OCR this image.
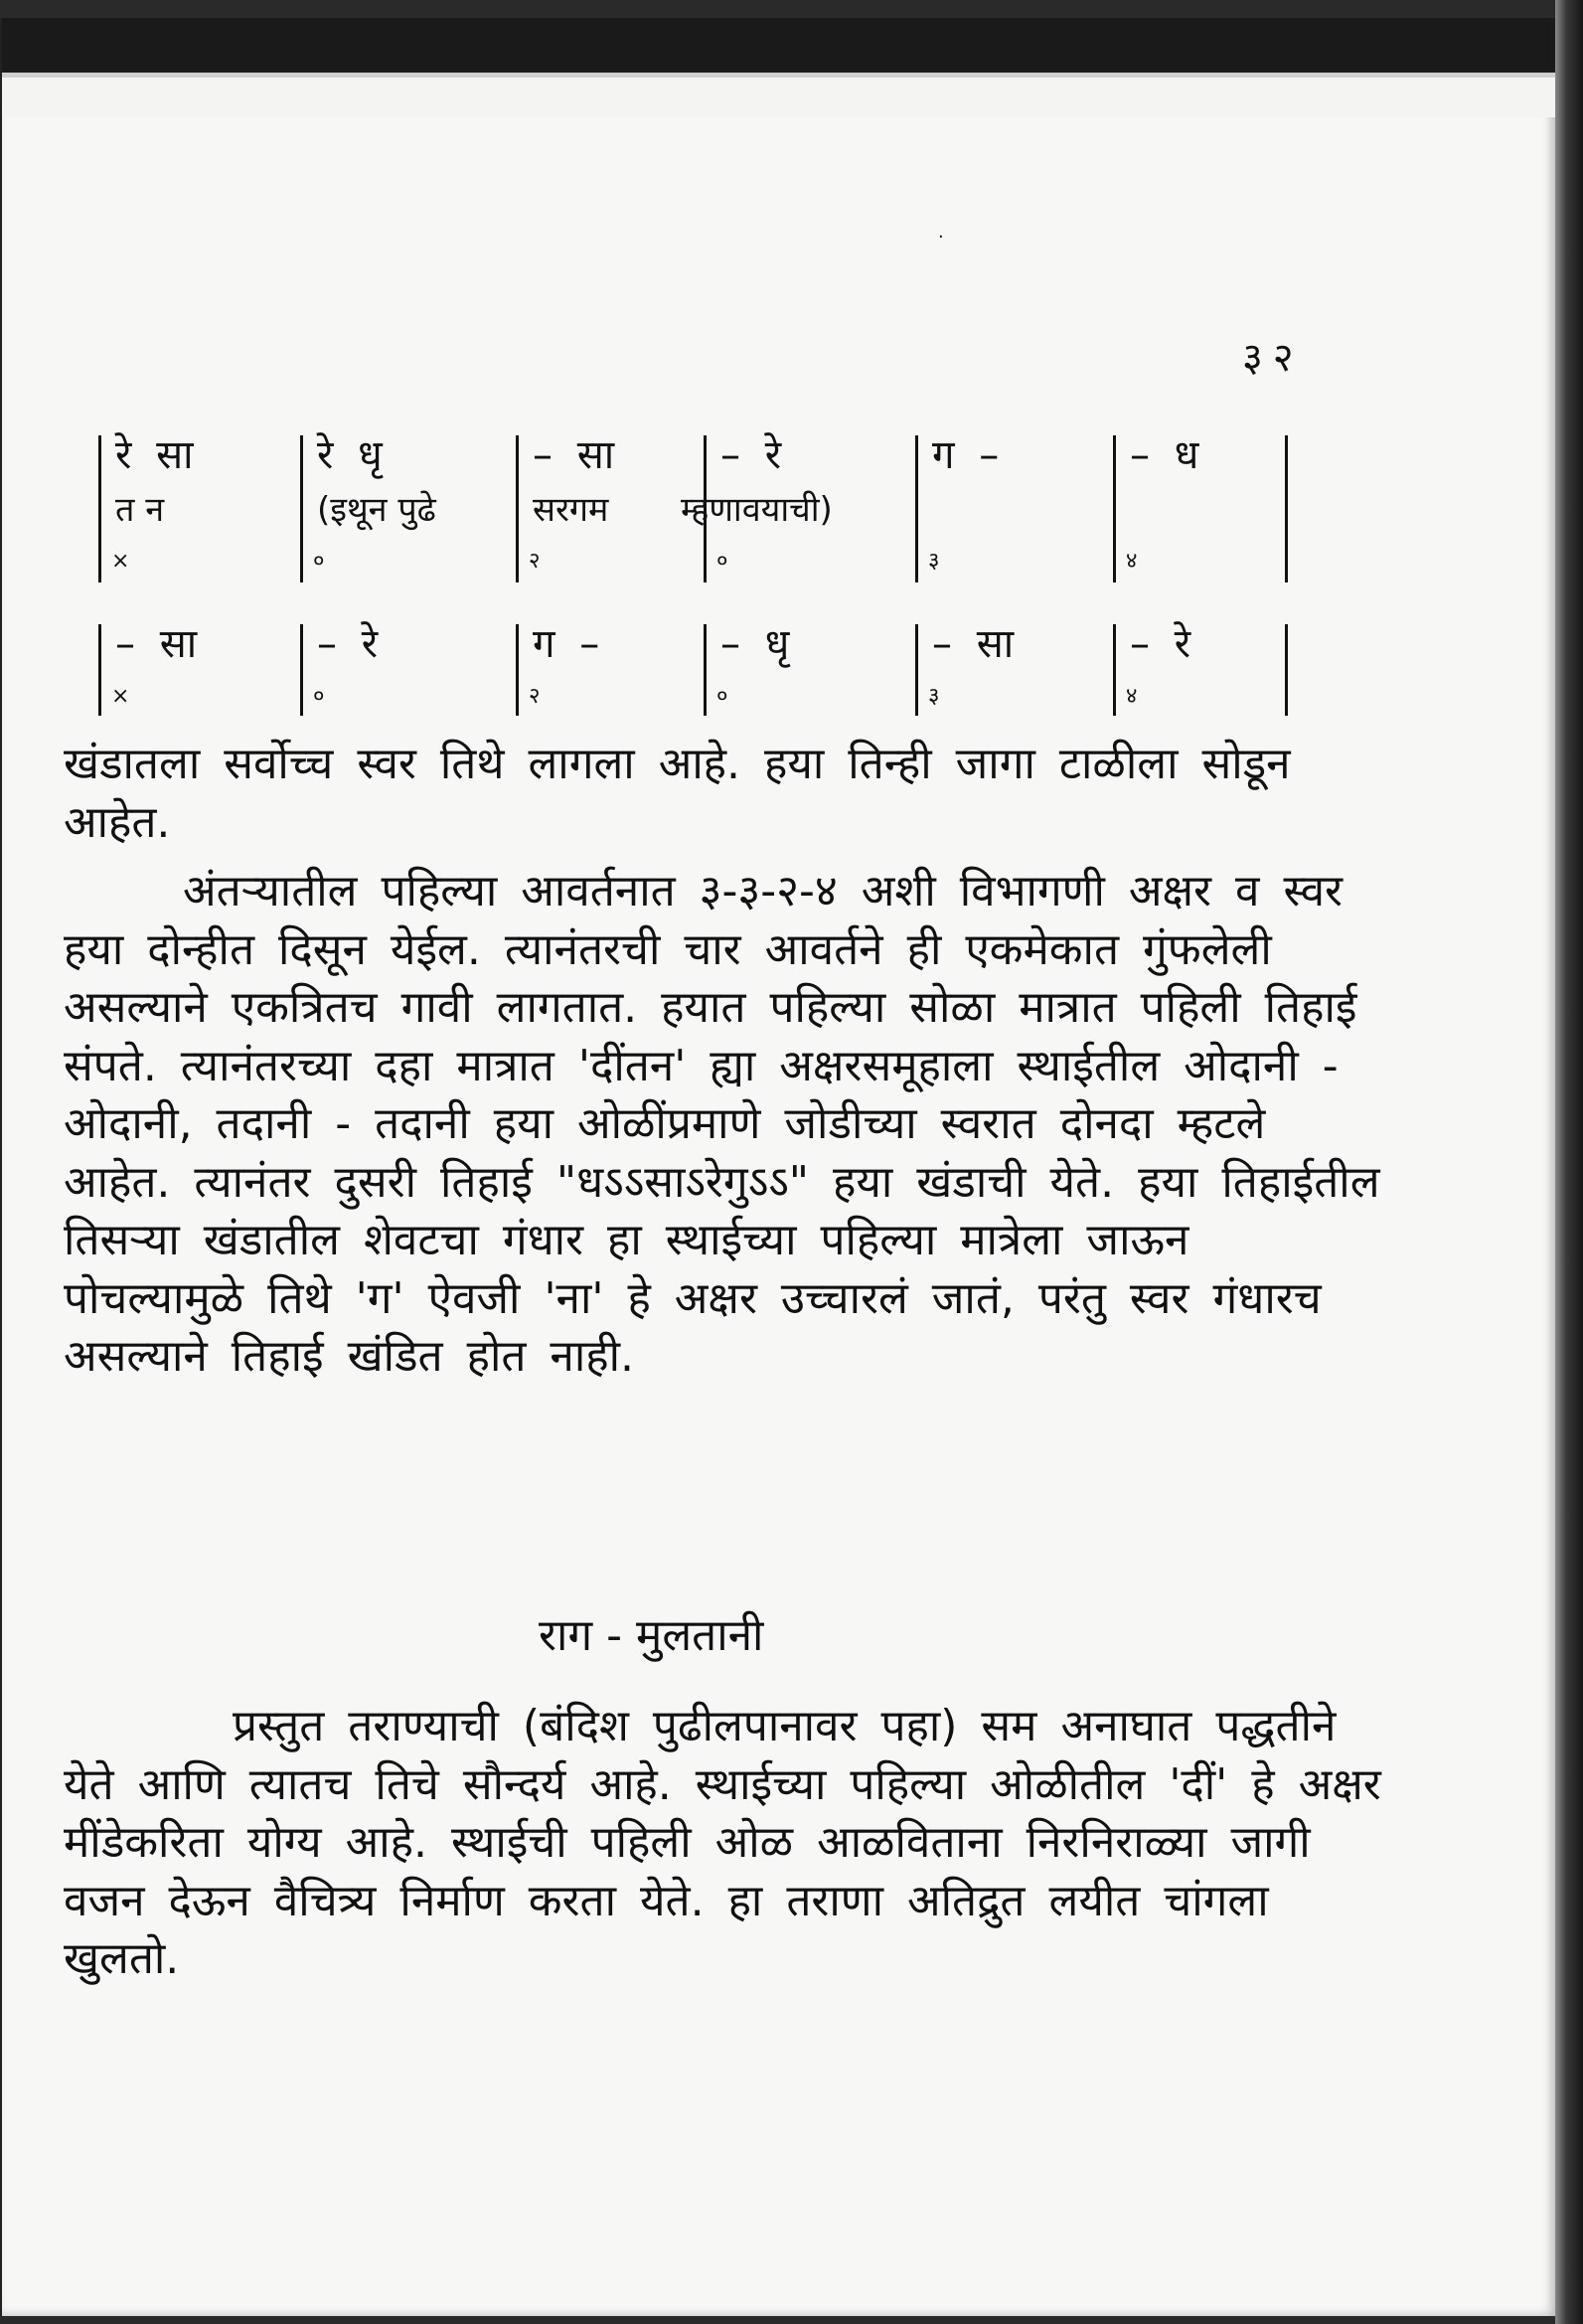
·
३२
रे सा
त न
×
रे धृ
(इथून पुढे
०
– सा
सरगम
२
– रे
म्हणावयाची)
०
ग –
३
– ध
४
– सा
×
– रे
०
ग –
२
– धृ
०
– सा
३
– रे
४

खंडातला सर्वोच्च स्वर तिथे लागला आहे. हया तिन्ही जागा टाळीला सोडून आहेत.

अंतऱ्यातील पहिल्या आवर्तनात ३-३-२-४ अशी विभागणी अक्षर व स्वर हया दोन्हीत दिसून येईल. त्यानंतरची चार आवर्तने ही एकमेकात गुंफलेली असल्याने एकत्रितच गावी लागतात. हयात पहिल्या सोळा मात्रात पहिली तिहाई संपते. त्यानंतरच्या दहा मात्रात 'दींतन' ह्या अक्षरसमूहाला स्थाईतील ओदानी - ओदानी, तदानी - तदानी हया ओळींप्रमाणे जोडीच्या स्वरात दोनदा म्हटले आहेत. त्यानंतर दुसरी तिहाई "धऽऽसाऽरेगुऽऽ" हया खंडाची येते. हया तिहाईतील तिसऱ्या खंडातील शेवटचा गंधार हा स्थाईच्या पहिल्या मात्रेला जाऊन पोचल्यामुळे तिथे 'ग' ऐवजी 'ना' हे अक्षर उच्चारलं जातं, परंतु स्वर गंधारच असल्याने तिहाई खंडित होत नाही.

राग - मुलतानी

प्रस्तुत तराण्याची (बंदिश पुढीलपानावर पहा) सम अनाघात पद्धतीने येते आणि त्यातच तिचे सौन्दर्य आहे. स्थाईच्या पहिल्या ओळीतील 'दीं' हे अक्षर मींडेकरिता योग्य आहे. स्थाईची पहिली ओळ आळविताना निरनिराळ्या जागी वजन देऊन वैचित्र्य निर्माण करता येते. हा तराणा अतिद्रुत लयीत चांगला खुलतो.
